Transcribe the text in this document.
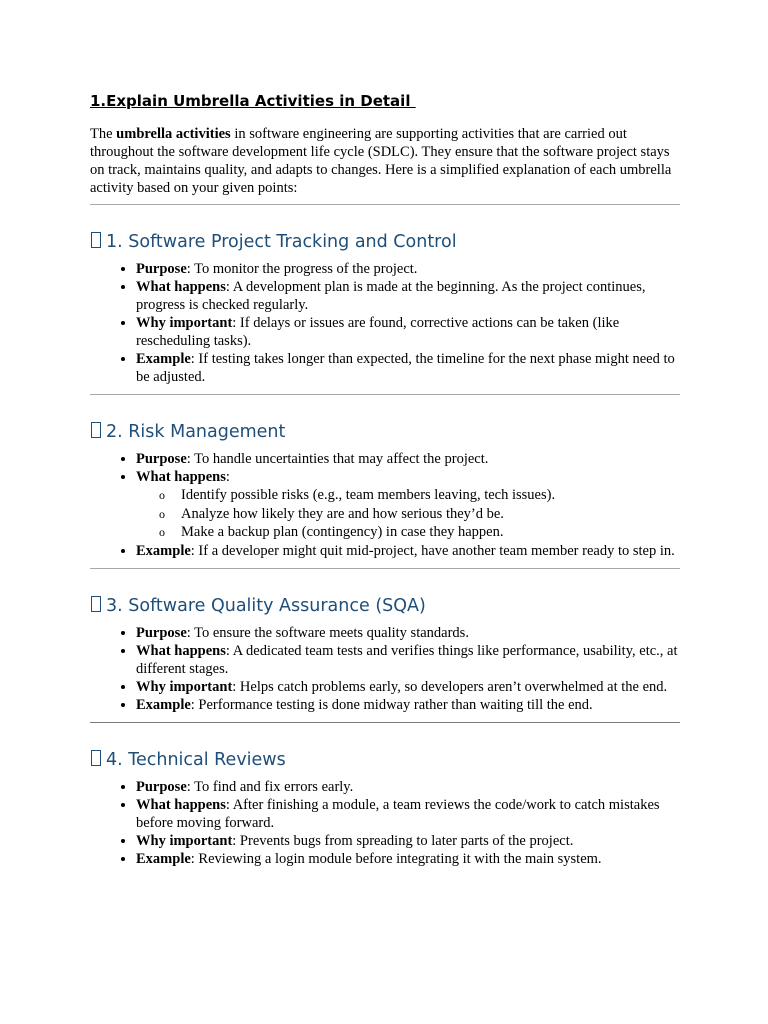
1.Explain Umbrella Activities in Detail

The umbrella activities in software engineering are supporting activities that are carried out throughout the software development life cycle (SDLC). They ensure that the software project stays on track, maintains quality, and adapts to changes. Here is a simplified explanation of each umbrella activity based on your given points:

1. Software Project Tracking and Control
• Purpose: To monitor the progress of the project.
• What happens: A development plan is made at the beginning. As the project continues, progress is checked regularly.
• Why important: If delays or issues are found, corrective actions can be taken (like rescheduling tasks).
• Example: If testing takes longer than expected, the timeline for the next phase might need to be adjusted.
2. Risk Management
• Purpose: To handle uncertainties that may affect the project.
• What happens:
o Identify possible risks (e.g., team members leaving, tech issues).
o Analyze how likely they are and how serious they’d be.
o Make a backup plan (contingency) in case they happen.
• Example: If a developer might quit mid-project, have another team member ready to step in.
3. Software Quality Assurance (SQA)
• Purpose: To ensure the software meets quality standards.
• What happens: A dedicated team tests and verifies things like performance, usability, etc., at different stages.
• Why important: Helps catch problems early, so developers aren’t overwhelmed at the end.
• Example: Performance testing is done midway rather than waiting till the end.
4. Technical Reviews
• Purpose: To find and fix errors early.
• What happens: After finishing a module, a team reviews the code/work to catch mistakes before moving forward.
• Why important: Prevents bugs from spreading to later parts of the project.
• Example: Reviewing a login module before integrating it with the main system.
